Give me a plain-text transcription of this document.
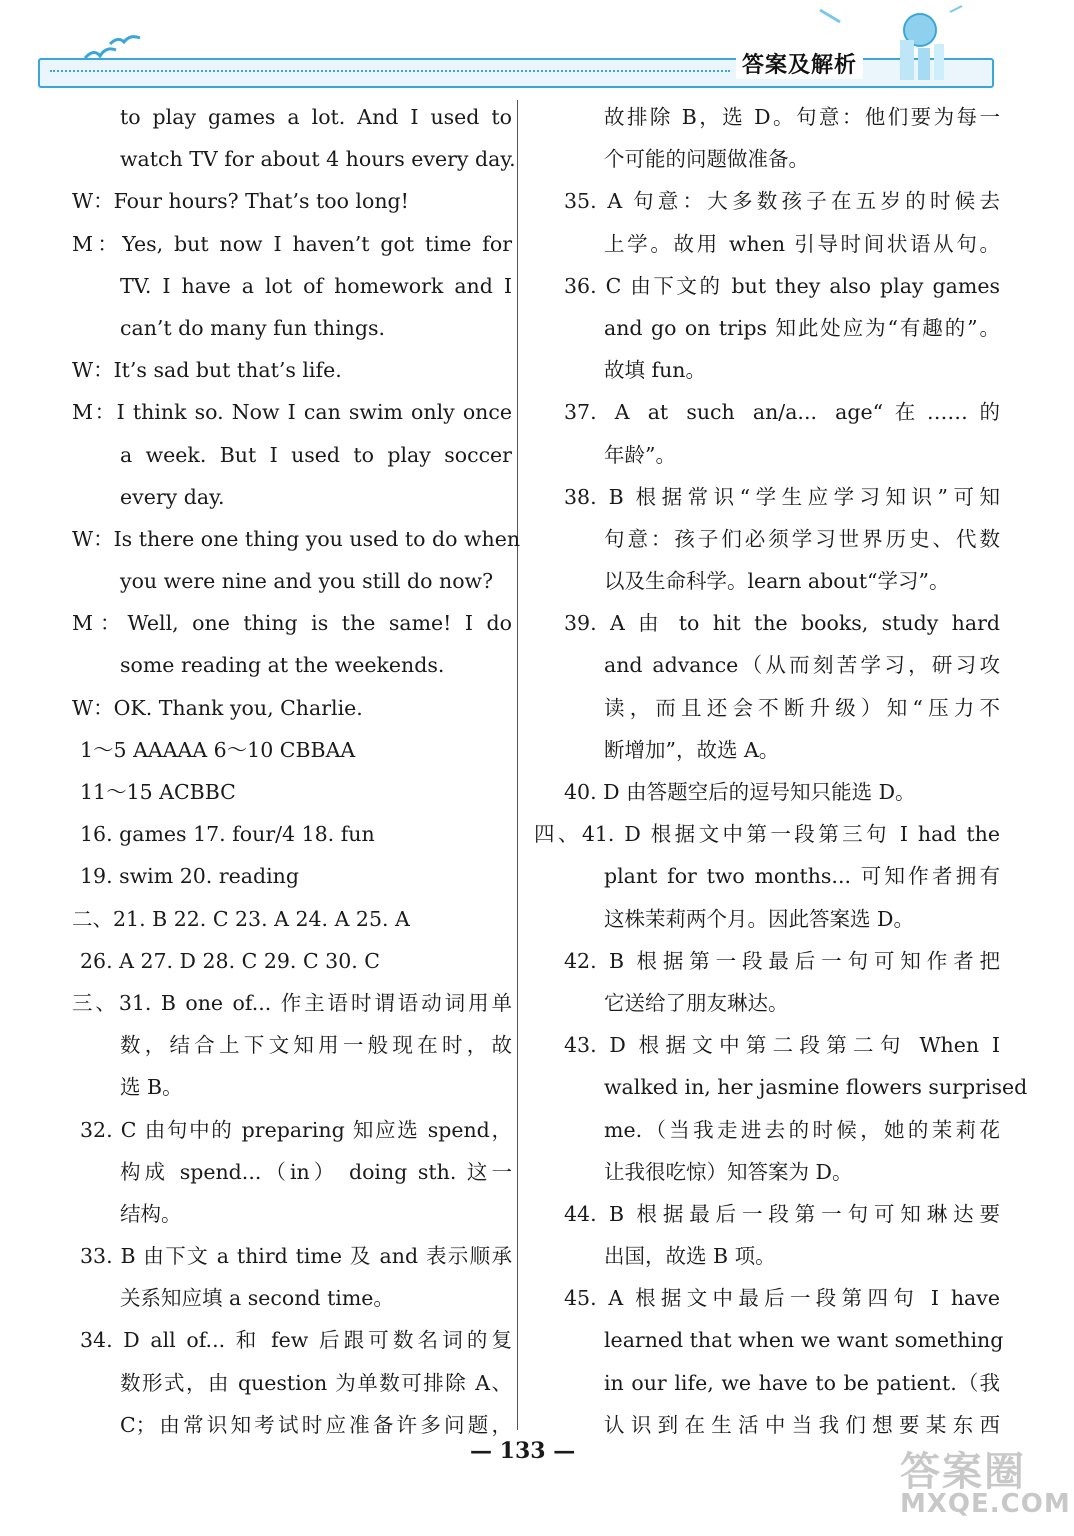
答案及解析
to play games a lot. And I used to
watch TV for about 4 hours every day.
W：Four hours? That’s too long!
M：Yes, but now I haven’t got time for
TV. I have a lot of homework and I
can’t do many fun things.
W：It’s sad but that’s life.
M：I think so. Now I can swim only once
a week. But I used to play soccer
every day.
W：Is there one thing you used to do when
you were nine and you still do now?
M：Well, one thing is the same! I do
some reading at the weekends.
W：OK. Thank you, Charlie.
1～5 AAAAA 6～10 CBBAA
11～15 ACBBC
16. games 17. four/4 18. fun
19. swim 20. reading
二、21. B 22. C 23. A 24. A 25. A
26. A 27. D 28. C 29. C 30. C
三、31. B one of... 作主语时谓语动词用单
数，结合上下文知用一般现在时，故
选 B。
32. C 由句中的 preparing 知应选 spend，
构成 spend...（in） doing sth. 这一
结构。
33. B 由下文 a third time 及 and 表示顺承
关系知应填 a second time。
34. D all of... 和 few 后跟可数名词的复
数形式，由 question 为单数可排除 A、
C；由常识知考试时应准备许多问题，
故排除 B，选 D。句意：他们要为每一
个可能的问题做准备。
35. A 句意：大多数孩子在五岁的时候去
上学。故用 when 引导时间状语从句。
36. C 由下文的 but they also play games
and go on trips 知此处应为“有趣的”。
故填 fun。
37. A at such an/a... age“在……的
年龄”。
38. B 根据常识“学生应学习知识”可知
句意：孩子们必须学习世界历史、代数
以及生命科学。learn about“学习”。
39. A 由 to hit the books, study hard
and advance（从而刻苦学习，研习攻
读，而且还会不断升级）知“压力不
断增加”，故选 A。
40. D 由答题空后的逗号知只能选 D。
四、41. D 根据文中第一段第三句 I had the
plant for two months... 可知作者拥有
这株茉莉两个月。因此答案选 D。
42. B 根据第一段最后一句可知作者把
它送给了朋友琳达。
43. D 根据文中第二段第二句 When I
walked in, her jasmine flowers surprised
me.（当我走进去的时候，她的茉莉花
让我很吃惊）知答案为 D。
44. B 根据最后一段第一句可知琳达要
出国，故选 B 项。
45. A 根据文中最后一段第四句 I have
learned that when we want something
in our life, we have to be patient.（我
认识到在生活中当我们想要某东西
— 133 —	答案圈
MXQE.COM
